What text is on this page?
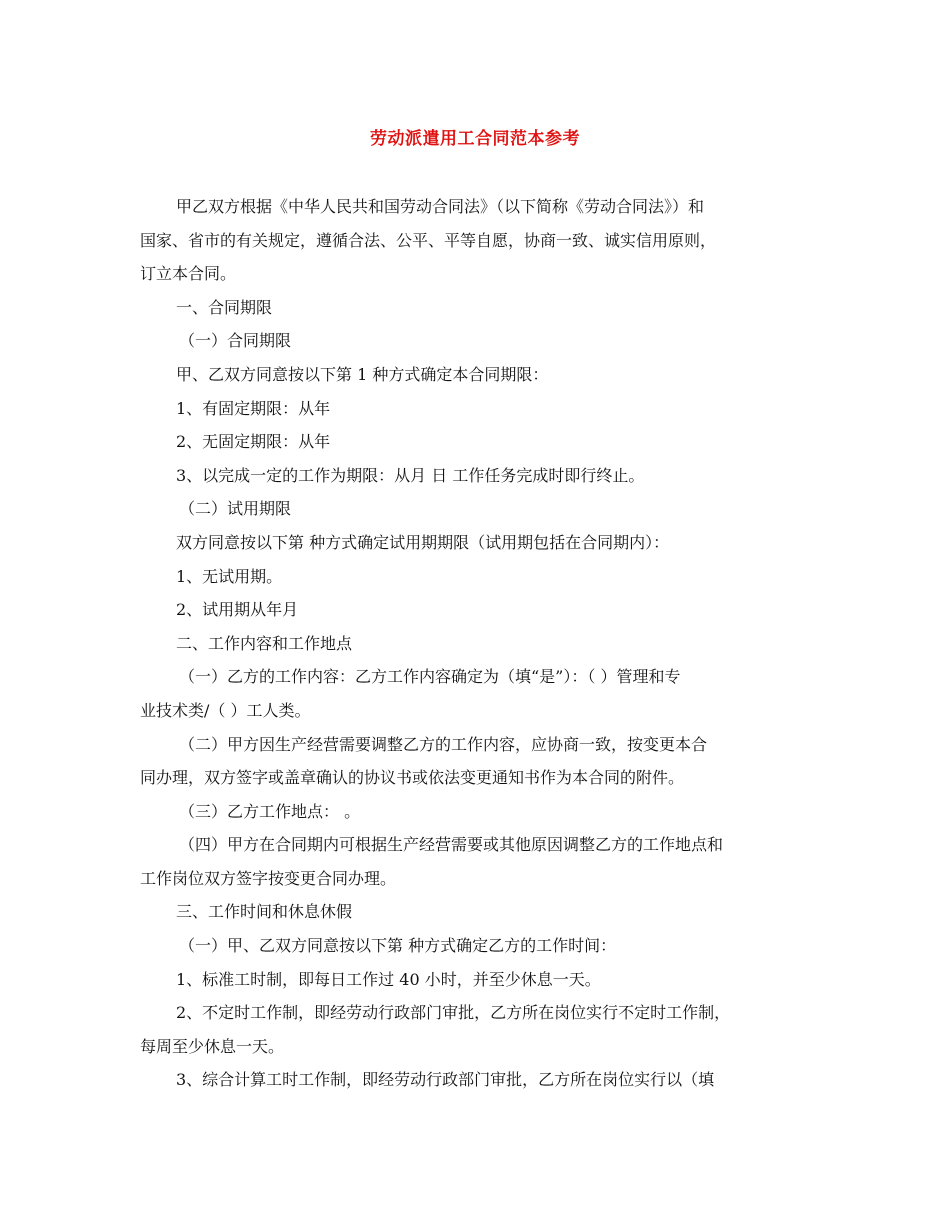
劳动派遣用工合同范本参考
甲乙双方根据《中华人民共和国劳动合同法》（以下简称《劳动合同法》）和
国家、省市的有关规定，遵循合法、公平、平等自愿，协商一致、诚实信用原则，
订立本合同。
一、合同期限
（一）合同期限
甲、乙双方同意按以下第 1 种方式确定本合同期限：
1、有固定期限：从年
2、无固定期限：从年
3、以完成一定的工作为期限：从月 日 工作任务完成时即行终止。
（二）试用期限
双方同意按以下第 种方式确定试用期期限（试用期包括在合同期内）：
1、无试用期。
2、试用期从年月
二、工作内容和工作地点
（一）乙方的工作内容：乙方工作内容确定为（填“是”）：（ ）管理和专
业技术类/（ ）工人类。
（二）甲方因生产经营需要调整乙方的工作内容，应协商一致，按变更本合
同办理，双方签字或盖章确认的协议书或依法变更通知书作为本合同的附件。
（三）乙方工作地点： 。
（四）甲方在合同期内可根据生产经营需要或其他原因调整乙方的工作地点和
工作岗位双方签字按变更合同办理。
三、工作时间和休息休假
（一）甲、乙双方同意按以下第 种方式确定乙方的工作时间：
1、标准工时制，即每日工作过 40 小时，并至少休息一天。
2、不定时工作制，即经劳动行政部门审批，乙方所在岗位实行不定时工作制，
每周至少休息一天。
3、综合计算工时工作制，即经劳动行政部门审批，乙方所在岗位实行以（填
